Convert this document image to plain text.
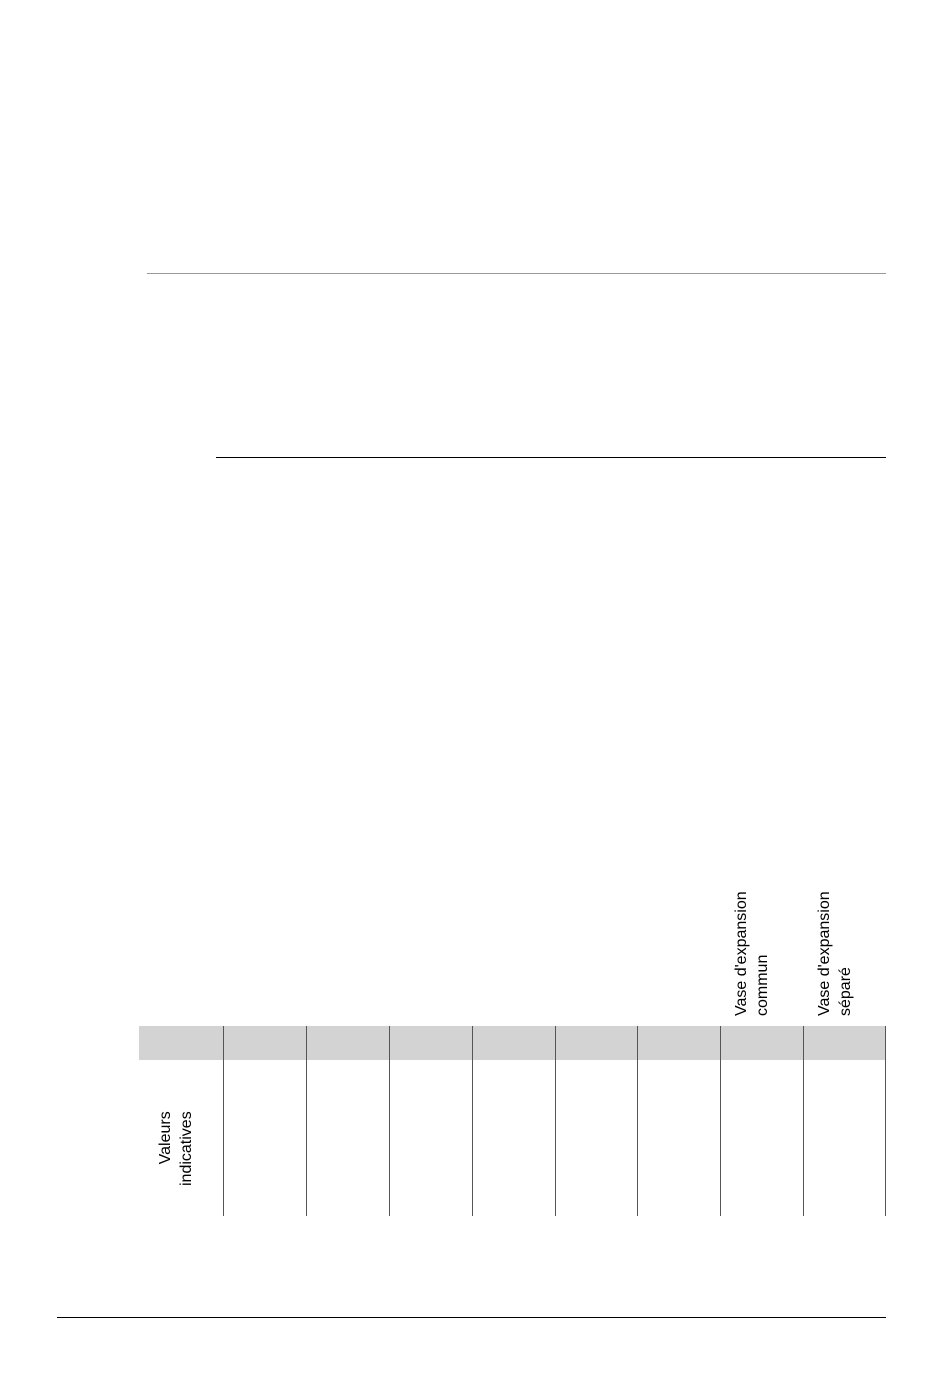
Vase d'expansion commun	Vase d'expansion séparé
Valeurs indicatives
